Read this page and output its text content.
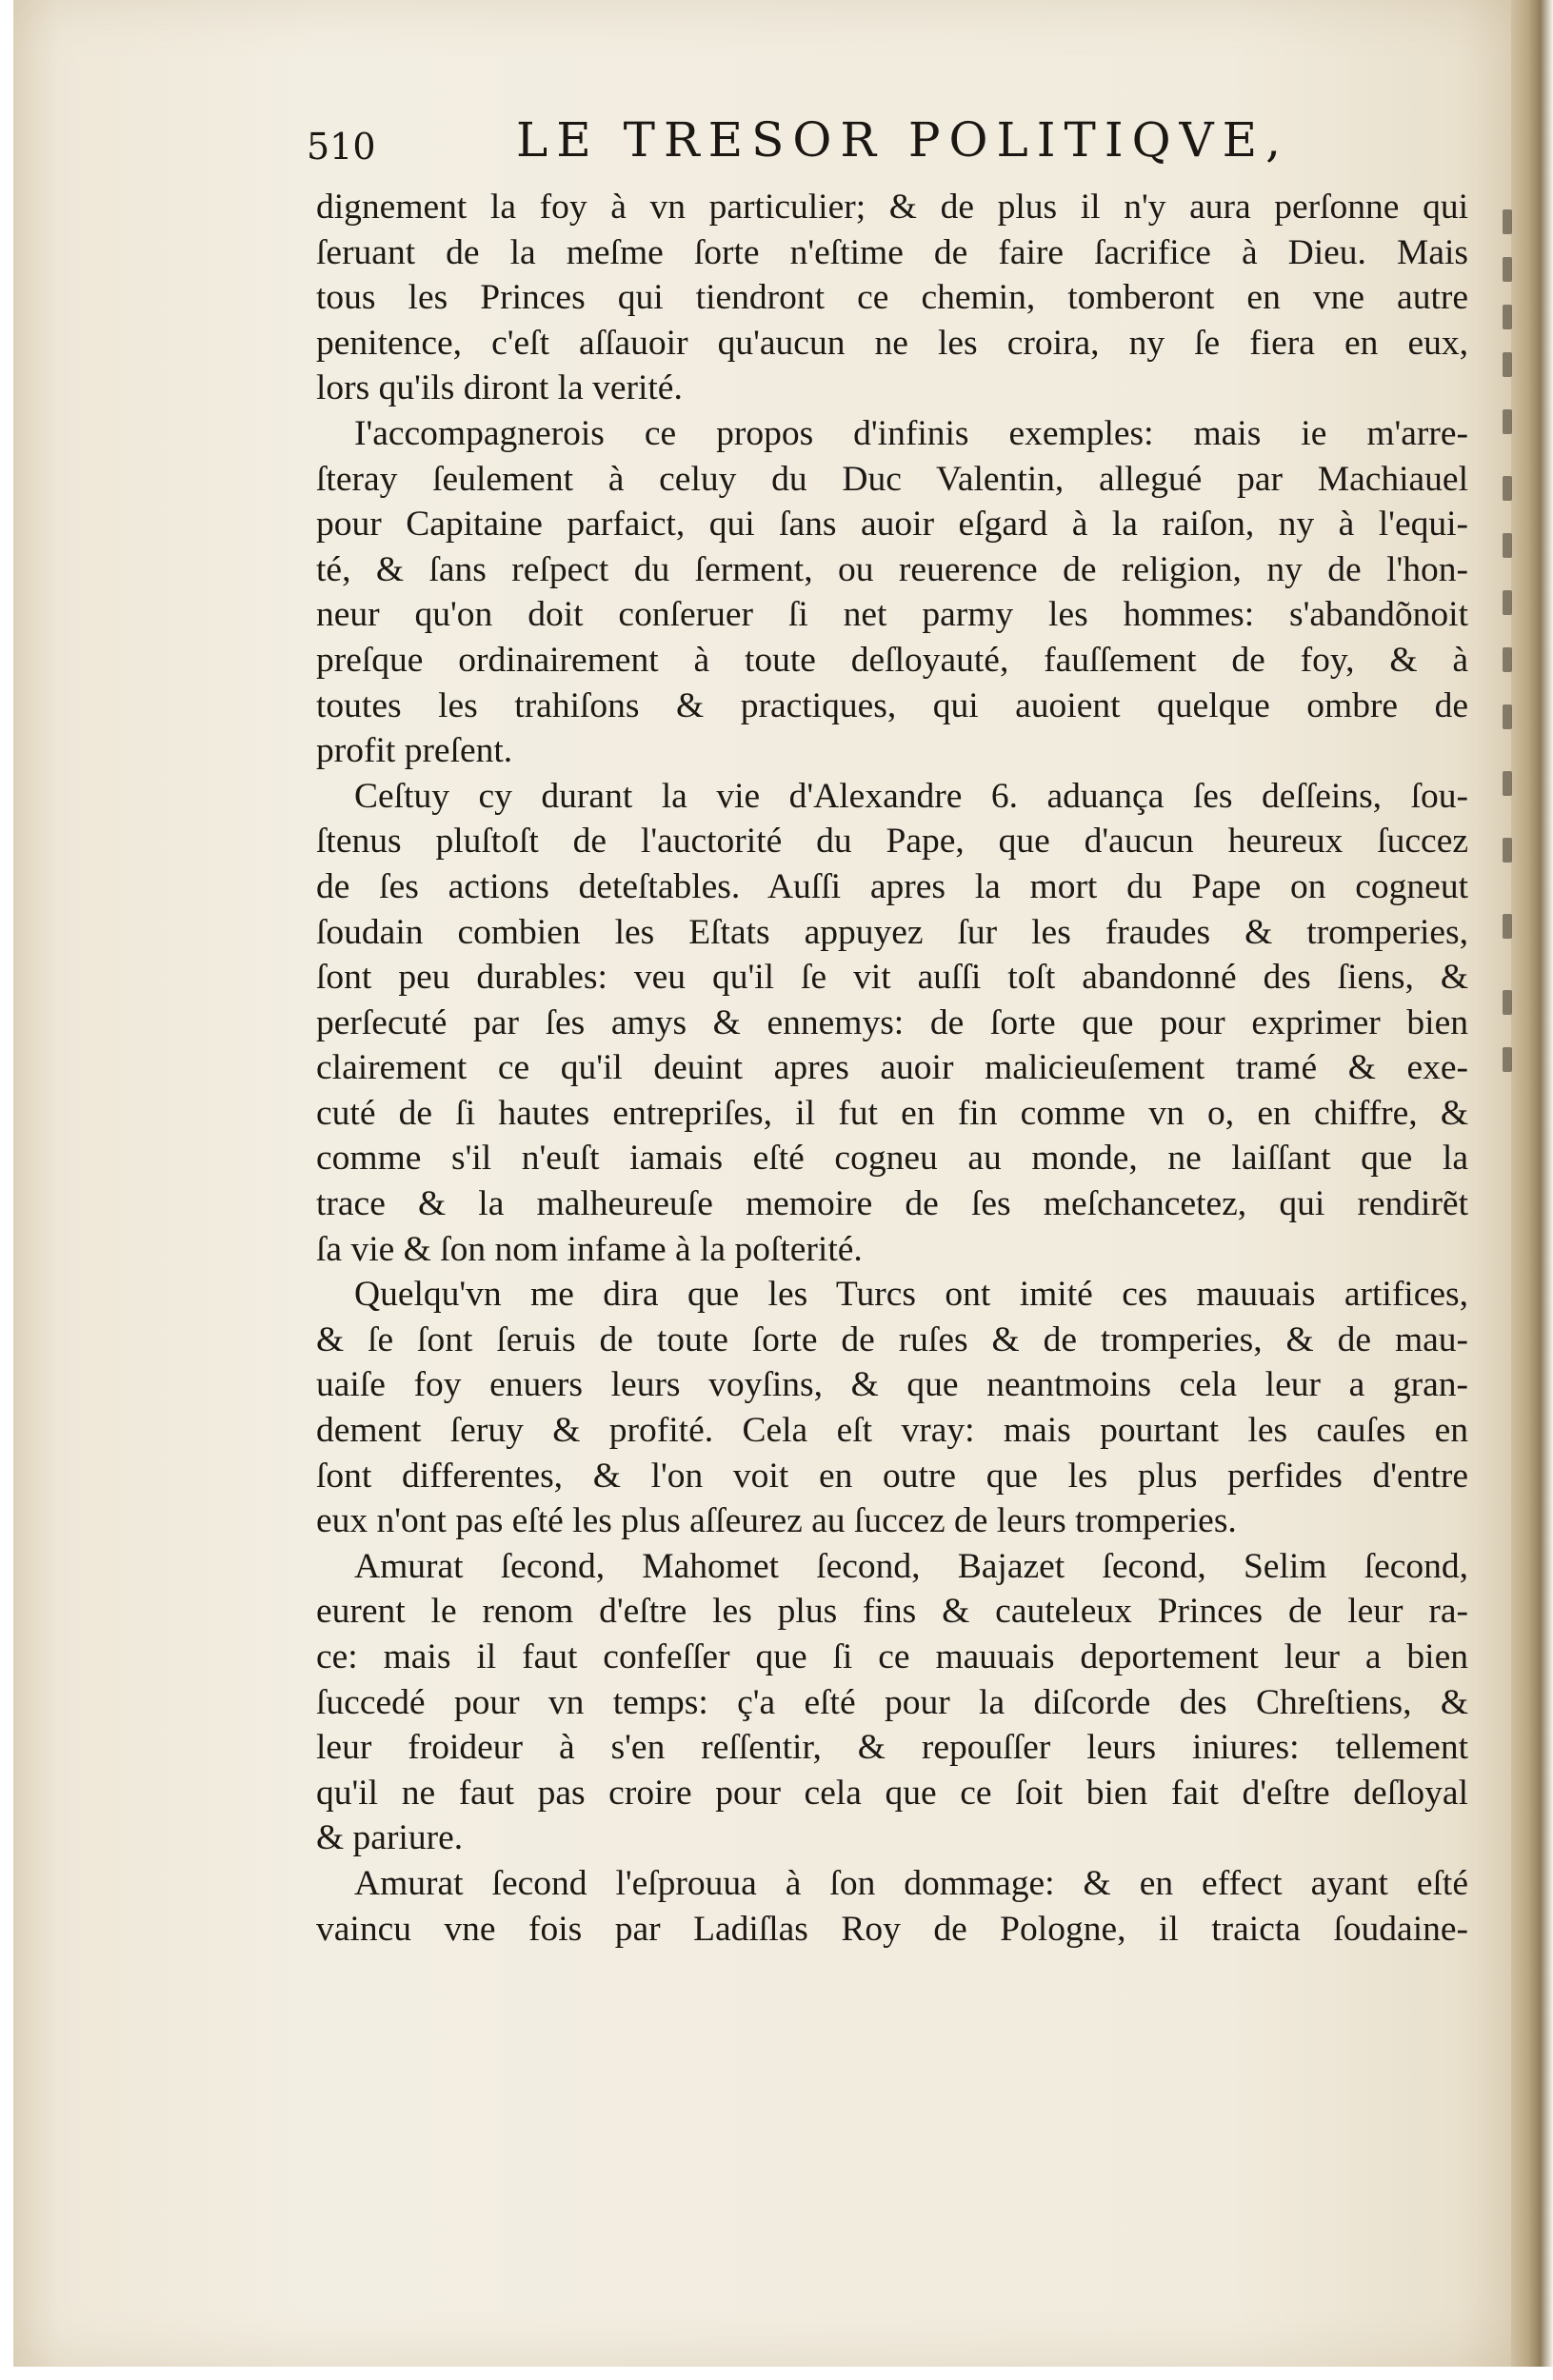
510	LE TRESOR POLITIQVE,
dignement la foy à vn particulier; & de plus il n'y aura perſonne qui
ſeruant de la meſme ſorte n'eſtime de faire ſacrifice à Dieu. Mais
tous les Princes qui tiendront ce chemin, tomberont en vne autre
penitence, c'eſt aſſauoir qu'aucun ne les croira, ny ſe fiera en eux,
lors qu'ils diront la verité.
I'accompagnerois ce propos d'infinis exemples: mais ie m'arre-
ſteray ſeulement à celuy du Duc Valentin, allegué par Machiauel
pour Capitaine parfaict, qui ſans auoir eſgard à la raiſon, ny à l'equi-
té, & ſans reſpect du ſerment, ou reuerence de religion, ny de l'hon-
neur qu'on doit conſeruer ſi net parmy les hommes: s'abandõnoit
preſque ordinairement à toute deſloyauté, fauſſement de foy, & à
toutes les trahiſons & practiques, qui auoient quelque ombre de
profit preſent.
Ceſtuy cy durant la vie d'Alexandre 6. aduança ſes deſſeins, ſou-
ſtenus pluſtoſt de l'auctorité du Pape, que d'aucun heureux ſuccez
de ſes actions deteſtables. Auſſi apres la mort du Pape on cogneut
ſoudain combien les Eſtats appuyez ſur les fraudes & tromperies,
ſont peu durables: veu qu'il ſe vit auſſi toſt abandonné des ſiens, &
perſecuté par ſes amys & ennemys: de ſorte que pour exprimer bien
clairement ce qu'il deuint apres auoir malicieuſement tramé & exe-
cuté de ſi hautes entrepriſes, il fut en fin comme vn o, en chiffre, &
comme s'il n'euſt iamais eſté cogneu au monde, ne laiſſant que la
trace & la malheureuſe memoire de ſes meſchancetez, qui rendirẽt
ſa vie & ſon nom infame à la poſterité.
Quelqu'vn me dira que les Turcs ont imité ces mauuais artifices,
& ſe ſont ſeruis de toute ſorte de ruſes & de tromperies, & de mau-
uaiſe foy enuers leurs voyſins, & que neantmoins cela leur a gran-
dement ſeruy & profité. Cela eſt vray: mais pourtant les cauſes en
ſont differentes, & l'on voit en outre que les plus perfides d'entre
eux n'ont pas eſté les plus aſſeurez au ſuccez de leurs tromperies.
Amurat ſecond, Mahomet ſecond, Bajazet ſecond, Selim ſecond,
eurent le renom d'eſtre les plus fins & cauteleux Princes de leur ra-
ce: mais il faut confeſſer que ſi ce mauuais deportement leur a bien
ſuccedé pour vn temps: ç'a eſté pour la diſcorde des Chreſtiens, &
leur froideur à s'en reſſentir, & repouſſer leurs iniures: tellement
qu'il ne faut pas croire pour cela que ce ſoit bien fait d'eſtre deſloyal
& pariure.
Amurat ſecond l'eſprouua à ſon dommage: & en effect ayant eſté
vaincu vne fois par Ladiſlas Roy de Pologne, il traicta ſoudaine-
